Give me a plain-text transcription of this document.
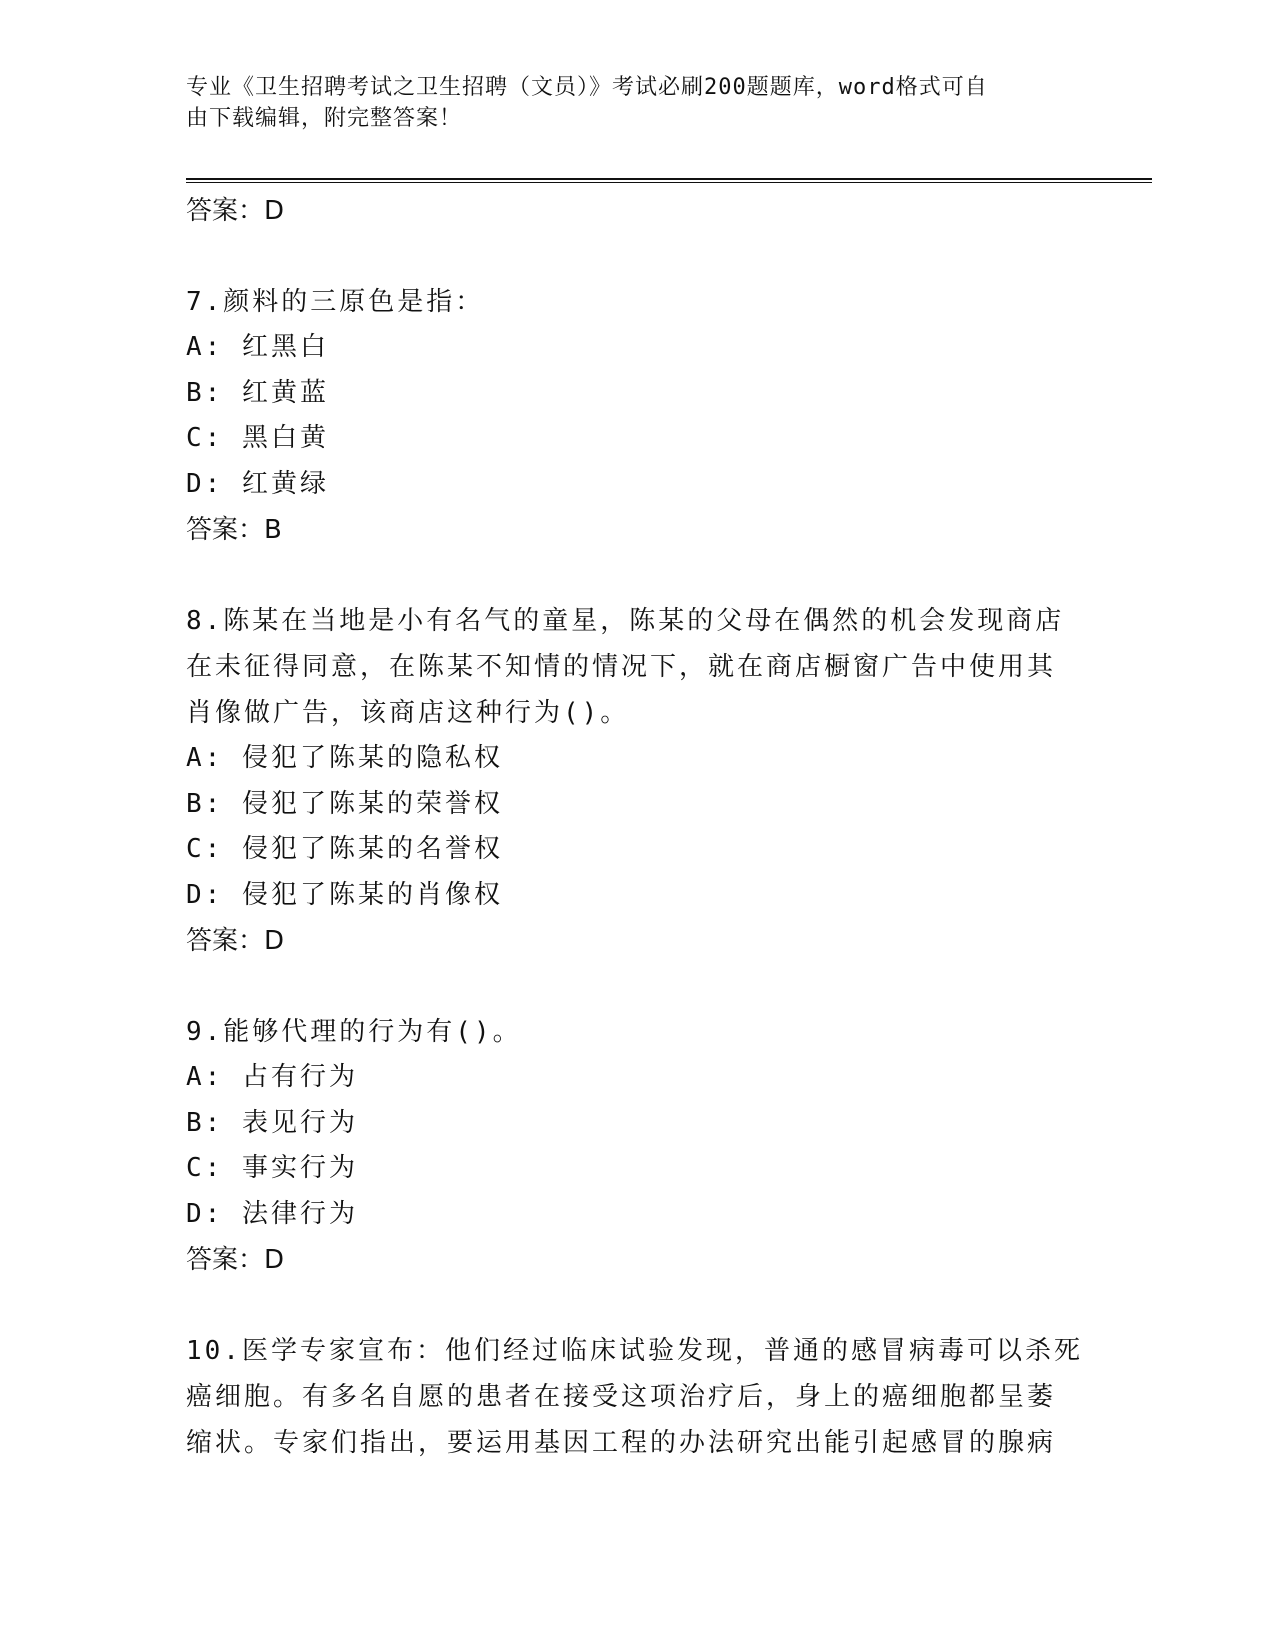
专业《卫生招聘考试之卫生招聘（文员）》考试必刷200题题库，word格式可自
由下载编辑，附完整答案！
答案：D
7.颜料的三原色是指：
A: 红黑白
B: 红黄蓝
C: 黑白黄
D: 红黄绿
答案：B
8.陈某在当地是小有名气的童星，陈某的父母在偶然的机会发现商店
在未征得同意，在陈某不知情的情况下，就在商店橱窗广告中使用其
肖像做广告，该商店这种行为()。
A: 侵犯了陈某的隐私权
B: 侵犯了陈某的荣誉权
C: 侵犯了陈某的名誉权
D: 侵犯了陈某的肖像权
答案：D
9.能够代理的行为有()。
A: 占有行为
B: 表见行为
C: 事实行为
D: 法律行为
答案：D
10.医学专家宣布：他们经过临床试验发现，普通的感冒病毒可以杀死
癌细胞。有多名自愿的患者在接受这项治疗后，身上的癌细胞都呈萎
缩状。专家们指出，要运用基因工程的办法研究出能引起感冒的腺病
